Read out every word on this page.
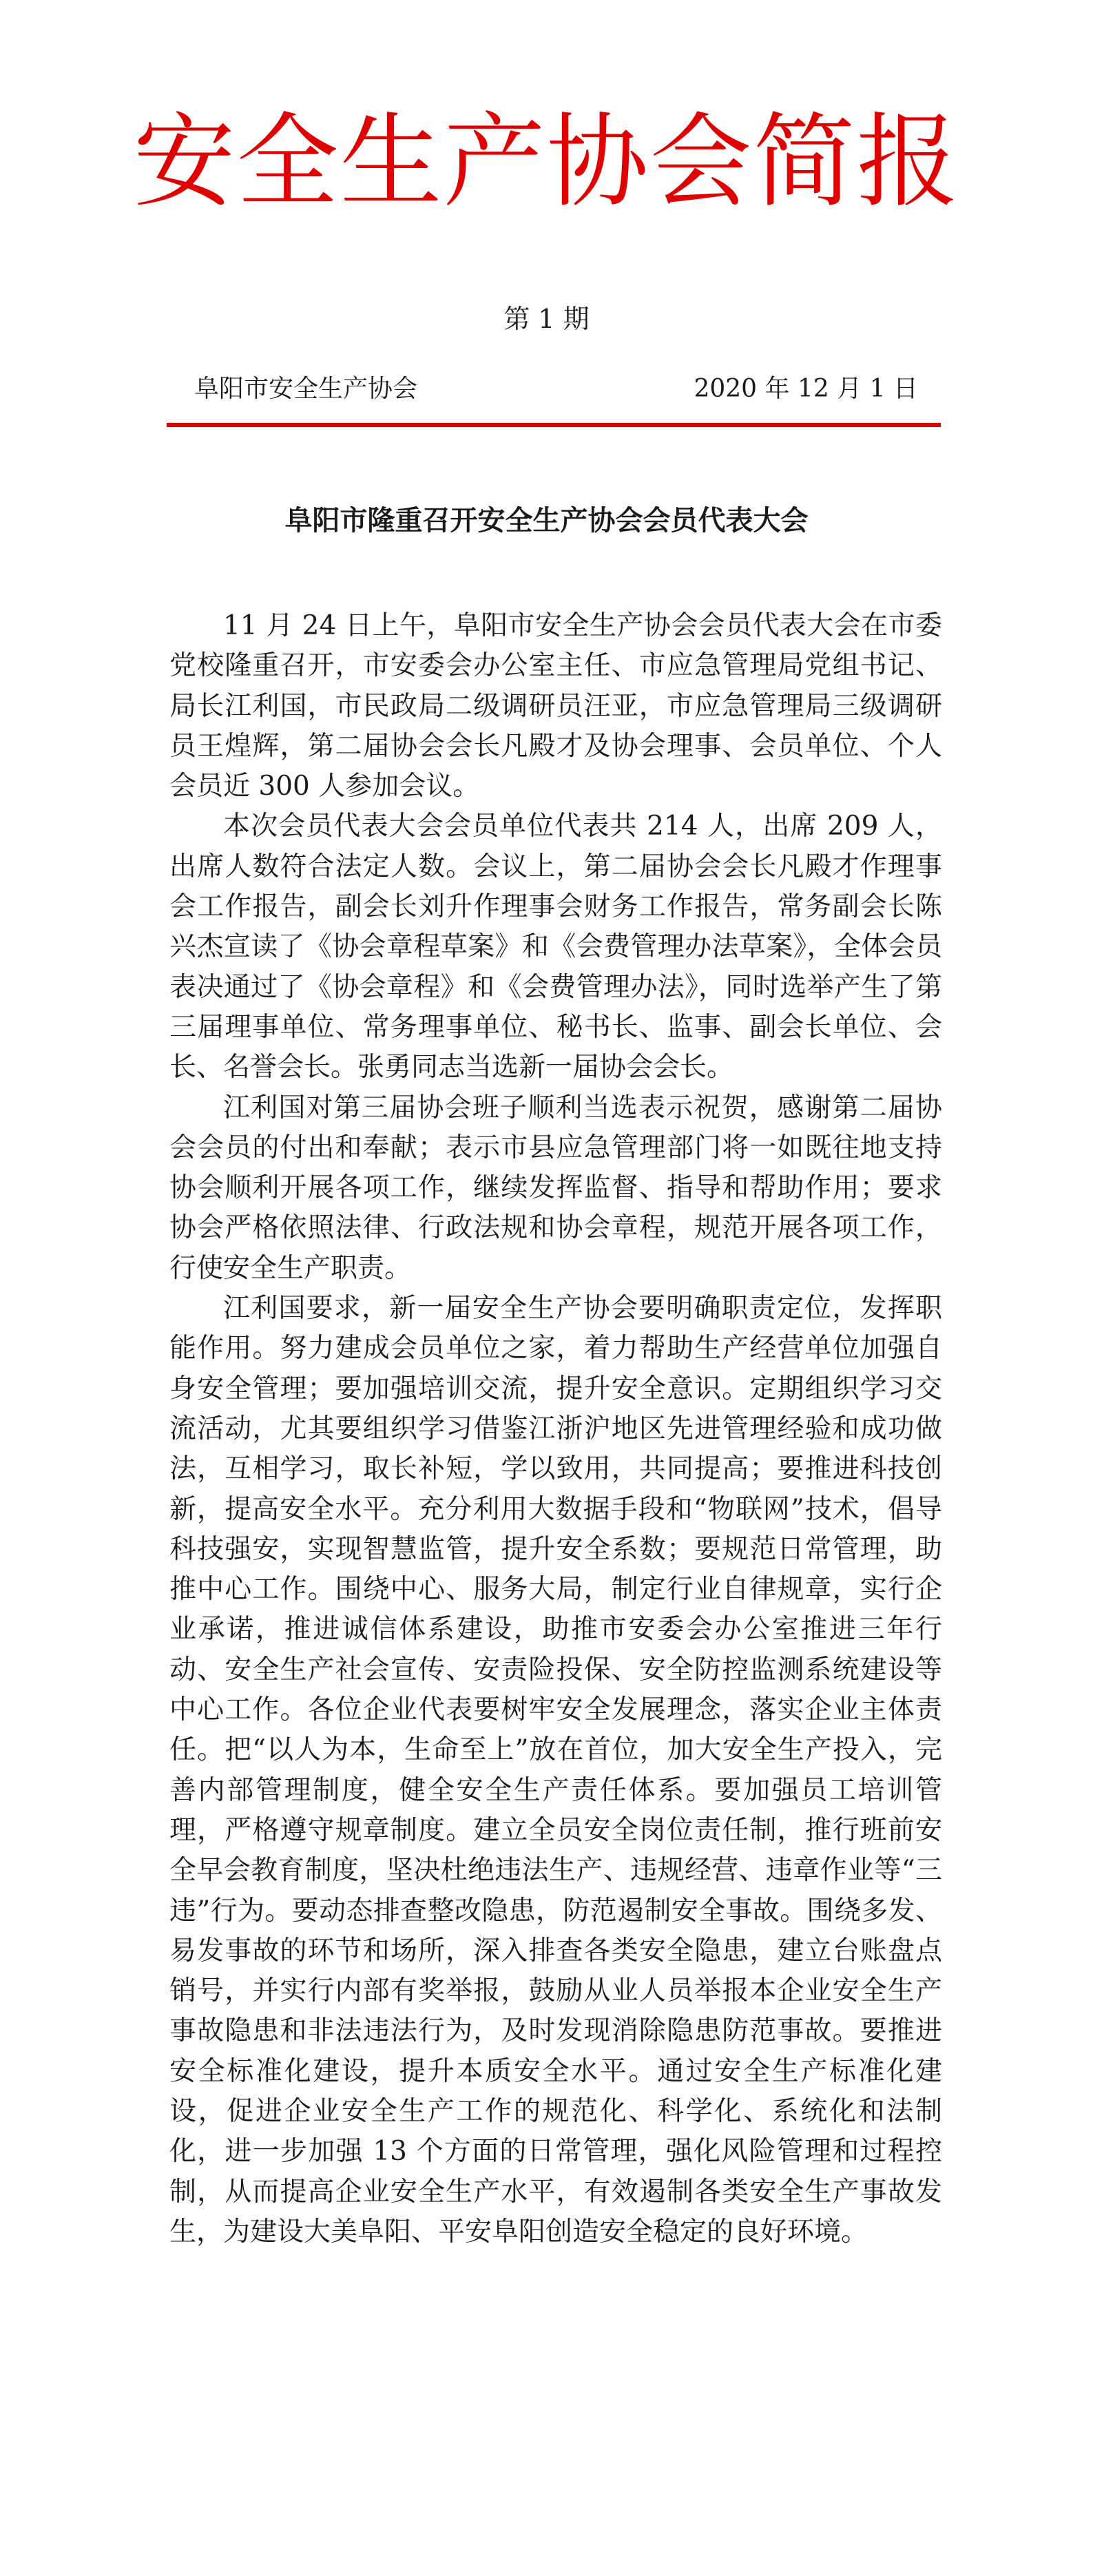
安全生产协会简报
第 1 期
阜阳市安全生产协会	2020 年 12 月 1 日
阜阳市隆重召开安全生产协会会员代表大会

11 月 24 日上午，阜阳市安全生产协会会员代表大会在市委党校隆重召开，市安委会办公室主任、市应急管理局党组书记、局长江利国，市民政局二级调研员汪亚，市应急管理局三级调研员王煌辉，第二届协会会长凡殿才及协会理事、会员单位、个人会员近 300 人参加会议。

本次会员代表大会会员单位代表共 214 人，出席 209 人，出席人数符合法定人数。会议上，第二届协会会长凡殿才作理事会工作报告，副会长刘升作理事会财务工作报告，常务副会长陈兴杰宣读了《协会章程草案》和《会费管理办法草案》，全体会员表决通过了《协会章程》和《会费管理办法》，同时选举产生了第三届理事单位、常务理事单位、秘书长、监事、副会长单位、会长、名誉会长。张勇同志当选新一届协会会长。

江利国对第三届协会班子顺利当选表示祝贺，感谢第二届协会会员的付出和奉献；表示市县应急管理部门将一如既往地支持协会顺利开展各项工作，继续发挥监督、指导和帮助作用；要求协会严格依照法律、行政法规和协会章程，规范开展各项工作，行使安全生产职责。

江利国要求，新一届安全生产协会要明确职责定位，发挥职能作用。努力建成会员单位之家，着力帮助生产经营单位加强自身安全管理；要加强培训交流，提升安全意识。定期组织学习交流活动，尤其要组织学习借鉴江浙沪地区先进管理经验和成功做法，互相学习，取长补短，学以致用，共同提高；要推进科技创新，提高安全水平。充分利用大数据手段和“物联网”技术，倡导科技强安，实现智慧监管，提升安全系数；要规范日常管理，助推中心工作。围绕中心、服务大局，制定行业自律规章，实行企业承诺，推进诚信体系建设，助推市安委会办公室推进三年行动、安全生产社会宣传、安责险投保、安全防控监测系统建设等中心工作。各位企业代表要树牢安全发展理念，落实企业主体责任。把“以人为本，生命至上”放在首位，加大安全生产投入，完善内部管理制度，健全安全生产责任体系。要加强员工培训管理，严格遵守规章制度。建立全员安全岗位责任制，推行班前安全早会教育制度，坚决杜绝违法生产、违规经营、违章作业等“三违”行为。要动态排查整改隐患，防范遏制安全事故。围绕多发、易发事故的环节和场所，深入排查各类安全隐患，建立台账盘点销号，并实行内部有奖举报，鼓励从业人员举报本企业安全生产事故隐患和非法违法行为，及时发现消除隐患防范事故。要推进安全标准化建设，提升本质安全水平。通过安全生产标准化建设，促进企业安全生产工作的规范化、科学化、系统化和法制化，进一步加强 13 个方面的日常管理，强化风险管理和过程控制，从而提高企业安全生产水平，有效遏制各类安全生产事故发生，为建设大美阜阳、平安阜阳创造安全稳定的良好环境。
